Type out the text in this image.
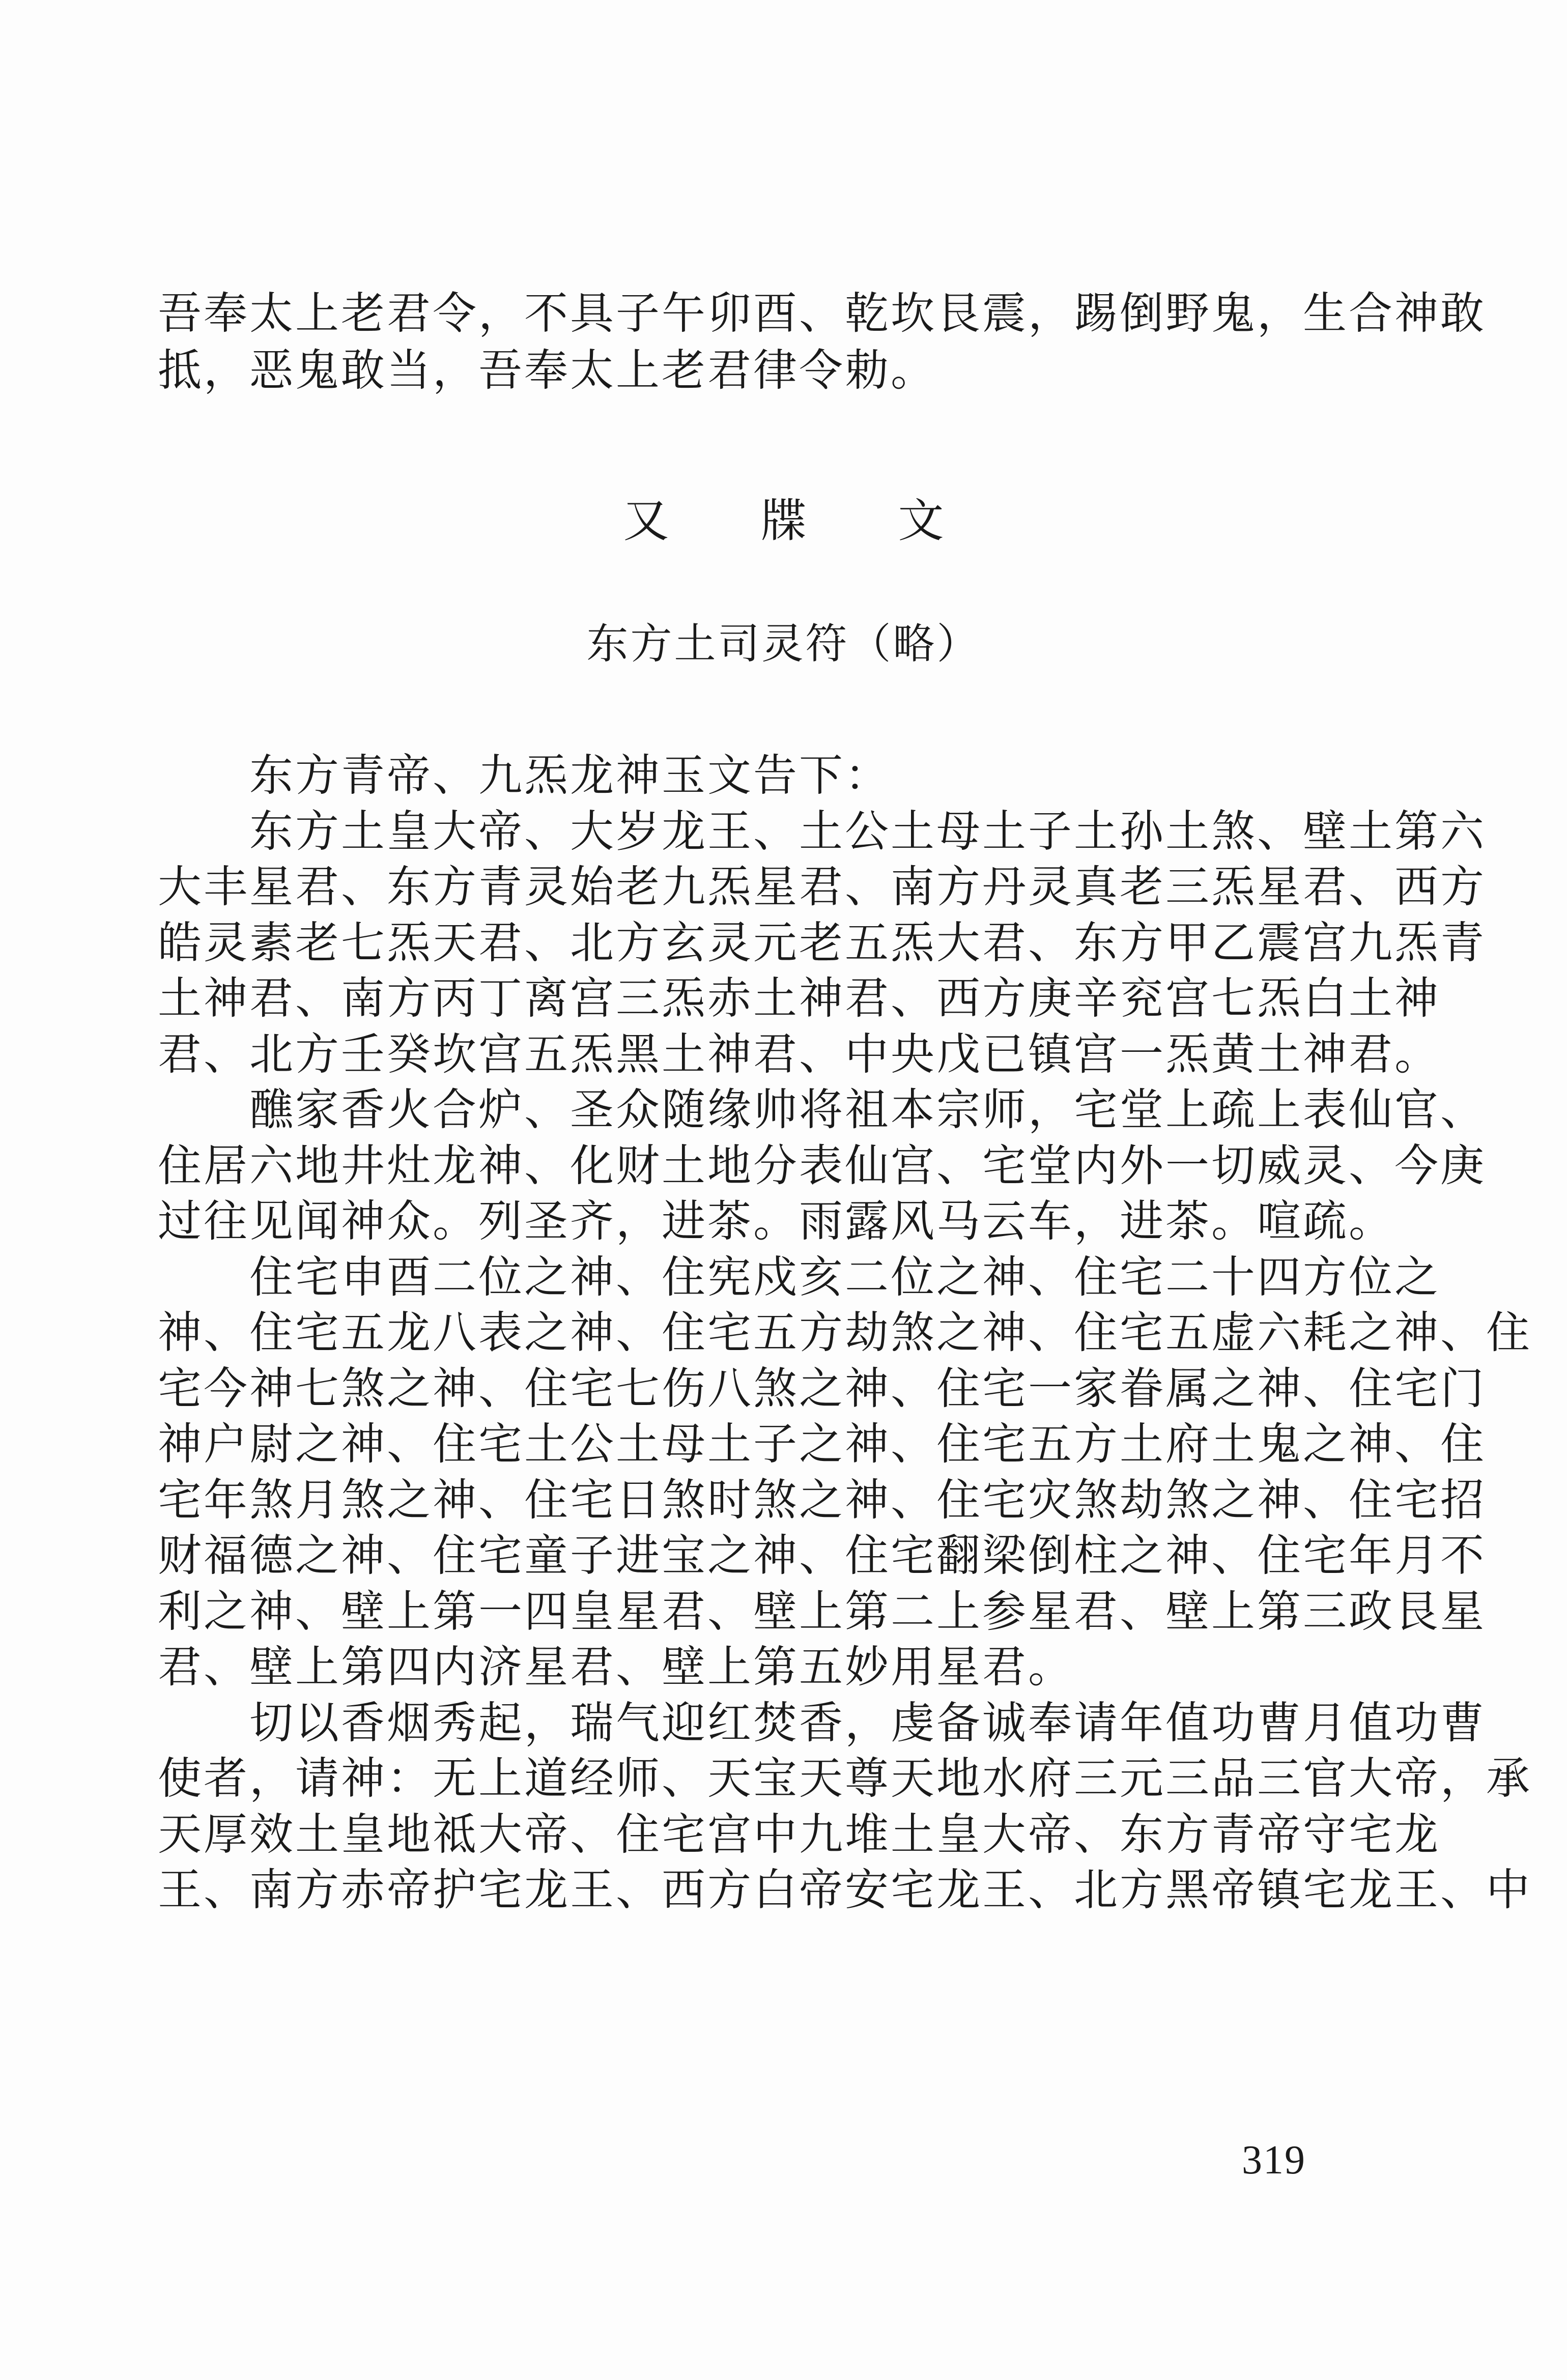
吾奉太上老君令，不具子午卯酉、乾坎艮震，踢倒野鬼，生合神敢
抵，恶鬼敢当，吾奉太上老君律令勅。
又牒文
东方土司灵符（略）
　　东方青帝、九炁龙神玉文告下：
　　东方土皇大帝、大岁龙王、土公土母土子土孙土煞、壁土第六
大丰星君、东方青灵始老九炁星君、南方丹灵真老三炁星君、西方
皓灵素老七炁天君、北方玄灵元老五炁大君、东方甲乙震宫九炁青
土神君、南方丙丁离宫三炁赤土神君、西方庚辛兖宫七炁白土神
君、北方壬癸坎宫五炁黑土神君、中央戊已镇宫一炁黄土神君。
　　醮家香火合炉、圣众随缘帅将祖本宗师，宅堂上疏上表仙官、
住居六地井灶龙神、化财土地分表仙宫、宅堂内外一切威灵、今庚
过往见闻神众。列圣齐，进茶。雨露风马云车，进茶。喧疏。
　　住宅申酉二位之神、住宪戍亥二位之神、住宅二十四方位之
神、住宅五龙八表之神、住宅五方劫煞之神、住宅五虚六耗之神、住
宅今神七煞之神、住宅七伤八煞之神、住宅一家眷属之神、住宅门
神户尉之神、住宅土公土母土子之神、住宅五方土府土鬼之神、住
宅年煞月煞之神、住宅日煞时煞之神、住宅灾煞劫煞之神、住宅招
财福德之神、住宅童子进宝之神、住宅翻梁倒柱之神、住宅年月不
利之神、壁上第一四皇星君、壁上第二上参星君、壁上第三政艮星
君、壁上第四内济星君、壁上第五妙用星君。
　　切以香烟秀起，瑞气迎红焚香，虔备诚奉请年值功曹月值功曹
使者，请神：无上道经师、天宝天尊天地水府三元三品三官大帝，承
天厚效土皇地祗大帝、住宅宫中九堆土皇大帝、东方青帝守宅龙
王、南方赤帝护宅龙王、西方白帝安宅龙王、北方黑帝镇宅龙王、中
319
